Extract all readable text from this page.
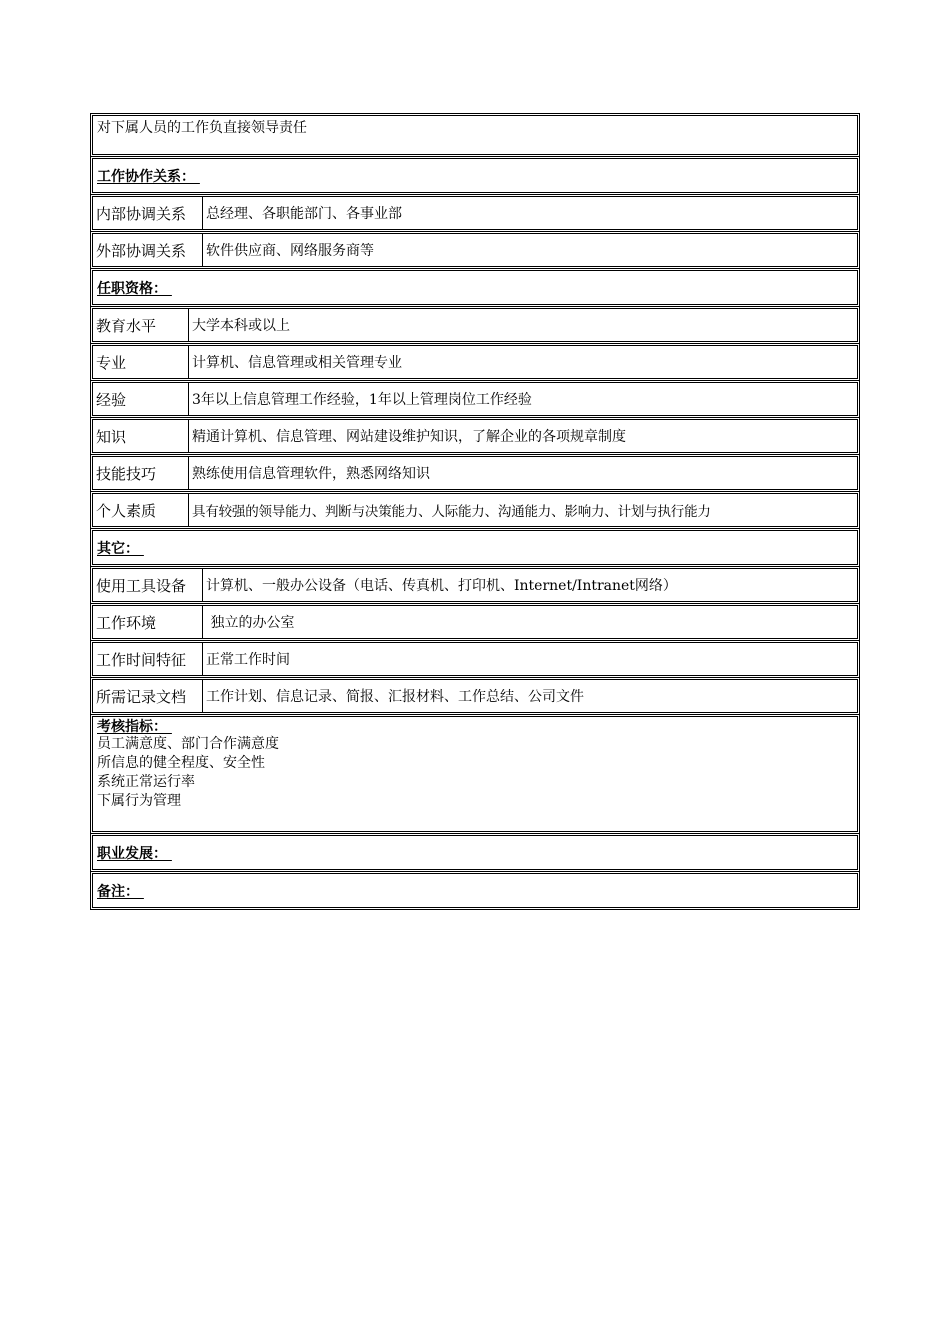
对下属人员的工作负直接领导责任
工作协作关系：
内部协调关系	总经理、各职能部门、各事业部
外部协调关系	软件供应商、网络服务商等
任职资格：
教育水平	大学本科或以上
专业	计算机、信息管理或相关管理专业
经验	3年以上信息管理工作经验，1年以上管理岗位工作经验
知识	精通计算机、信息管理、网站建设维护知识，了解企业的各项规章制度
技能技巧	熟练使用信息管理软件，熟悉网络知识
个人素质	具有较强的领导能力、判断与决策能力、人际能力、沟通能力、影响力、计划与执行能力
其它：
使用工具设备	计算机、一般办公设备（电话、传真机、打印机、Internet/Intranet网络）
工作环境	独立的办公室
工作时间特征	正常工作时间
所需记录文档	工作计划、信息记录、简报、汇报材料、工作总结、公司文件
考核指标：
员工满意度、部门合作满意度
所信息的健全程度、安全性
系统正常运行率
下属行为管理
职业发展：
备注：
